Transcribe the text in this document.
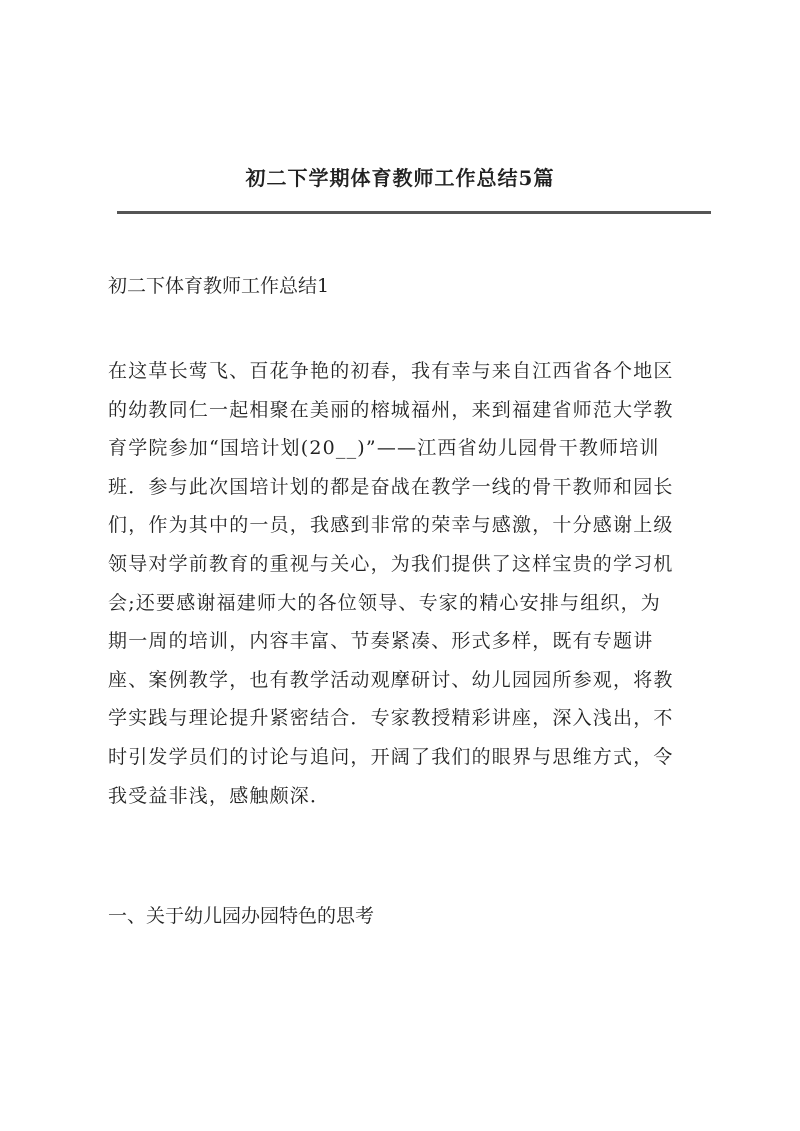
初二下学期体育教师工作总结5篇
初二下体育教师工作总结1
在这草长莺飞、百花争艳的初春，我有幸与来自江西省各个地区
的幼教同仁一起相聚在美丽的榕城福州，来到福建省师范大学教
育学院参加“国培计划(20__)”——江西省幼儿园骨干教师培训
班．参与此次国培计划的都是奋战在教学一线的骨干教师和园长
们，作为其中的一员，我感到非常的荣幸与感激，十分感谢上级
领导对学前教育的重视与关心，为我们提供了这样宝贵的学习机
会;还要感谢福建师大的各位领导、专家的精心安排与组织，为
期一周的培训，内容丰富、节奏紧凑、形式多样，既有专题讲
座、案例教学，也有教学活动观摩研讨、幼儿园园所参观，将教
学实践与理论提升紧密结合．专家教授精彩讲座，深入浅出，不
时引发学员们的讨论与追问，开阔了我们的眼界与思维方式，令
我受益非浅，感触颇深．
一、关于幼儿园办园特色的思考
